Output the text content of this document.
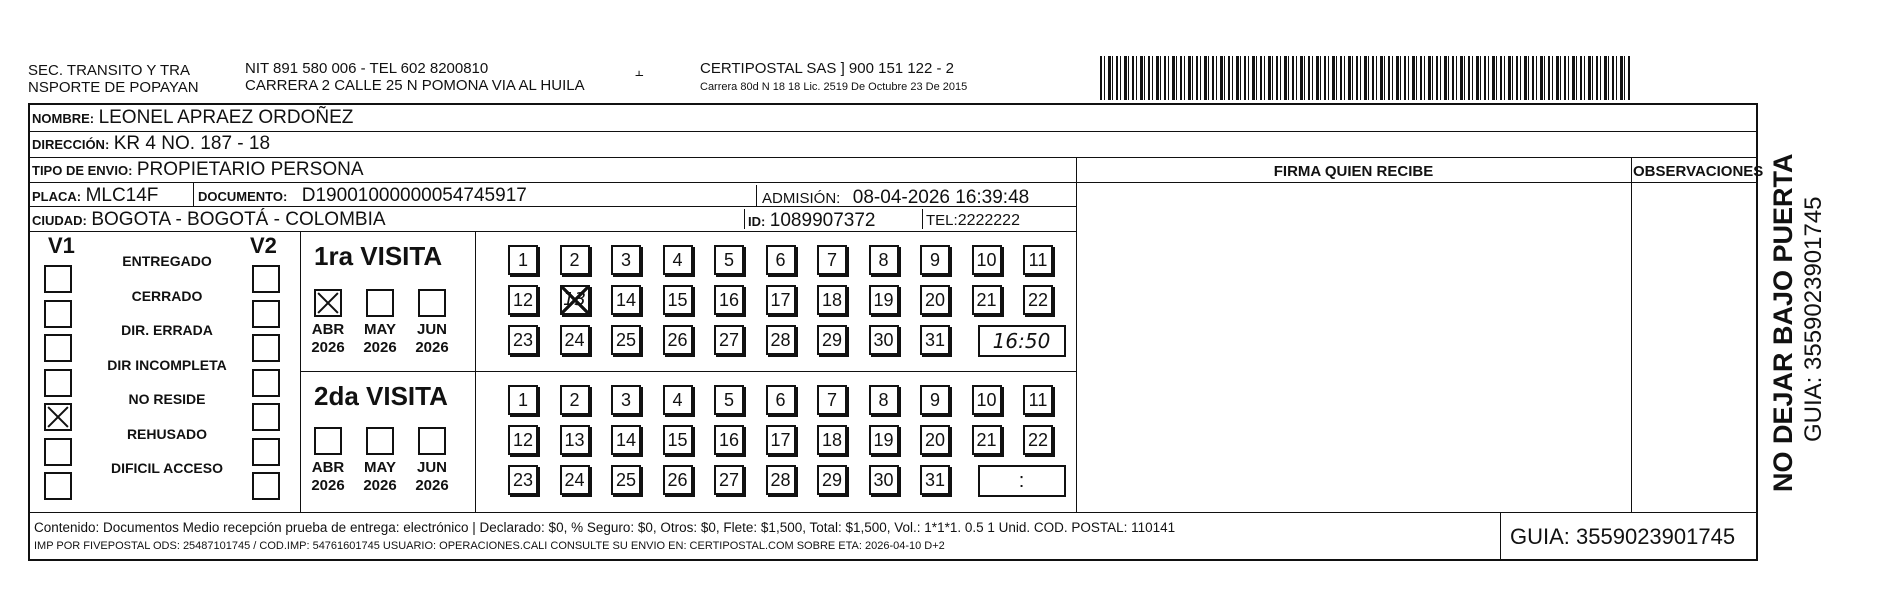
SEC. TRANSITO Y TRA
NSPORTE DE POPAYAN
NIT 891 580 006 - TEL 602 8200810
CARRERA 2 CALLE 25 N POMONA VIA AL HUILA
⫠	CERTIPOSTAL SAS ] 900 151 122 - 2
Carrera 80d N 18 18 Lic. 2519 De Octubre 23 De 2015
NOMBRE: LEONEL APRAEZ ORDOÑEZ
DIRECCIÓN: KR 4 NO. 187 - 18
TIPO DE ENVIO: PROPIETARIO PERSONA
PLACA: MLC14F	DOCUMENTO: D19001000000054745917	ADMISIÓN: 08-04-2026 16:39:48
CIUDAD: BOGOTA - BOGOTÁ - COLOMBIA	ID: 1089907372	TEL:2222222
FIRMA QUIEN RECIBE	OBSERVACIONES
V1	V2
ENTREGADO
CERRADO
DIR. ERRADA
DIR INCOMPLETA
NO RESIDE
REHUSADO
DIFICIL ACCESO
1ra VISITA
2da VISITA
ABR
2026
MAY
2026
JUN
2026
ABR
2026
MAY
2026
JUN
2026
1	2	3	4	5	6	7	8	9	10	11
12 13 14 15 16 17 18 19 20 21 22
23 24 25 26 27 28 29 30 31	16:50
1	2	3	4	5	6	7	8	9	10	11
12 13 14 15 16 17 18 19 20 21 22
23 24 25 26 27 28 29 30 31	:
Contenido: Documentos Medio recepción prueba de entrega: electrónico | Declarado: $0, % Seguro: $0, Otros: $0, Flete: $1,500, Total: $1,500, Vol.: 1*1*1. 0.5 1 Unid. COD. POSTAL: 110141
IMP POR FIVEPOSTAL ODS: 25487101745 / COD.IMP: 54761601745 USUARIO: OPERACIONES.CALI CONSULTE SU ENVIO EN: CERTIPOSTAL.COM SOBRE ETA: 2026-04-10 D+2	GUIA: 3559023901745
NO DEJAR BAJO PUERTA GUIA: 3559023901745
